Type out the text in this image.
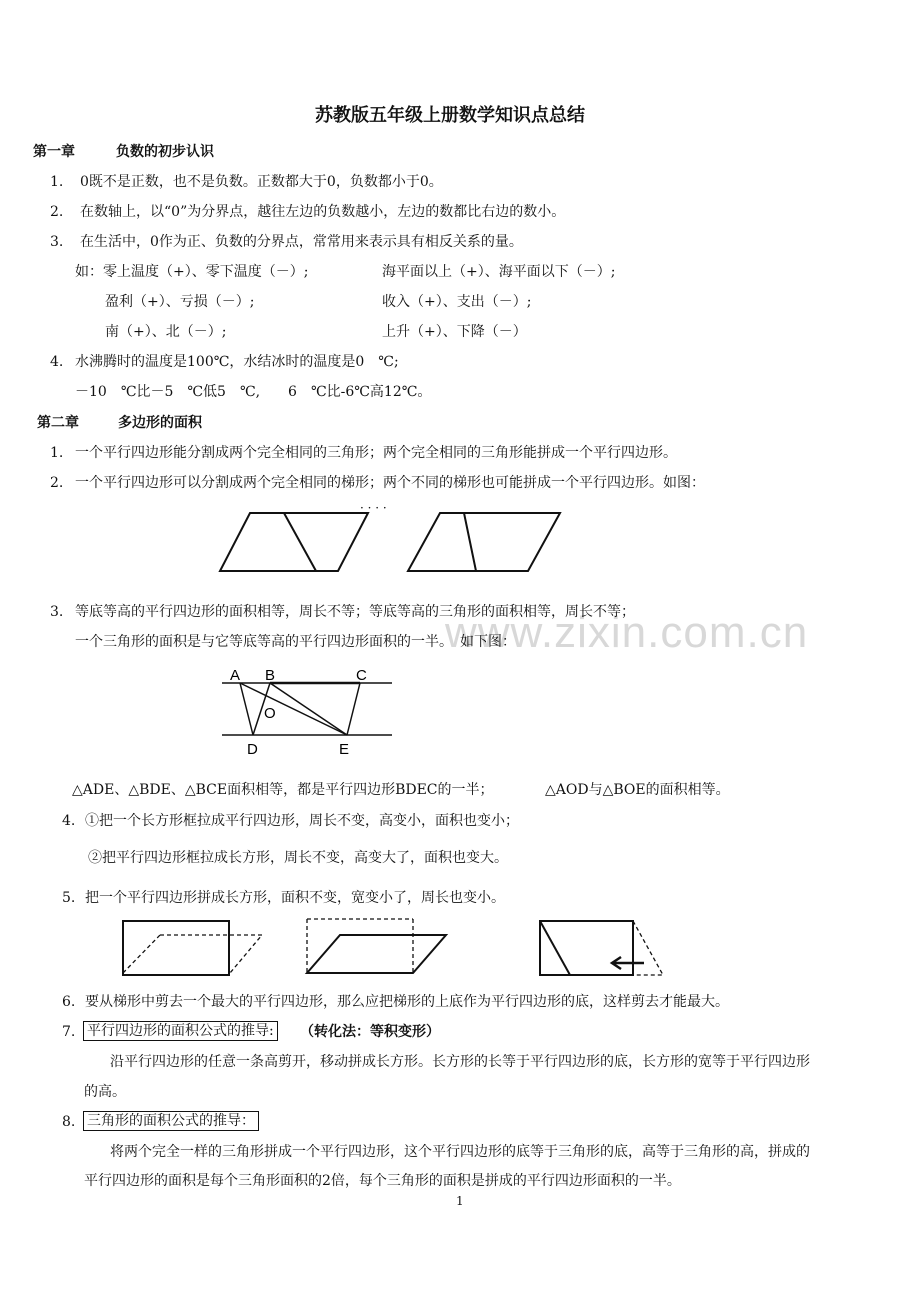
www.zixin.com.cn
苏教版五年级上册数学知识点总结
第一章	负数的初步认识
1. 0既不是正数，也不是负数。正数都大于0，负数都小于0。
2. 在数轴上，以“0”为分界点，越往左边的负数越小，左边的数都比右边的数小。
3. 在生活中，0作为正、负数的分界点，常常用来表示具有相反关系的量。
如：零上温度（+）、零下温度（－）;	海平面以上（+）、海平面以下（－）;
盈利（+）、亏损（－）;	收入（+）、支出（－）;
南（+）、北（－）;	上升（+）、下降（－）
4. 水沸腾时的温度是100℃，水结冰时的温度是0　℃;
－10　℃比－5　℃低5　℃,　　6　℃比-6℃高12℃。
第二章	多边形的面积
1. 一个平行四边形能分割成两个完全相同的三角形；两个完全相同的三角形能拼成一个平行四边形。
2. 一个平行四边形可以分割成两个完全相同的梯形；两个不同的梯形也可能拼成一个平行四边形。如图：
· · · ·
3. 等底等高的平行四边形的面积相等，周长不等；等底等高的三角形的面积相等，周长不等；
一个三角形的面积是与它等底等高的平行四边形面积的一半。　如下图：
A B	C
O
D	E
△ADE、△BDE、△BCE面积相等，都是平行四边形BDEC的一半；	△AOD与△BOE的面积相等。
4. ①把一个长方形框拉成平行四边形，周长不变，高变小，面积也变小；
②把平行四边形框拉成长方形，周长不变，高变大了，面积也变大。
5. 把一个平行四边形拼成长方形，面积不变，宽变小了，周长也变小。
6. 要从梯形中剪去一个最大的平行四边形，那么应把梯形的上底作为平行四边形的底，这样剪去才能最大。
7. 平行四边形的面积公式的推导: （转化法：等积变形）
沿平行四边形的任意一条高剪开，移动拼成长方形。长方形的长等于平行四边形的底，长方形的宽等于平行四边形
的高。
8. 三角形的面积公式的推导：
将两个完全一样的三角形拼成一个平行四边形，这个平行四边形的底等于三角形的底，高等于三角形的高，拼成的
平行四边形的面积是每个三角形面积的2倍，每个三角形的面积是拼成的平行四边形面积的一半。
1
